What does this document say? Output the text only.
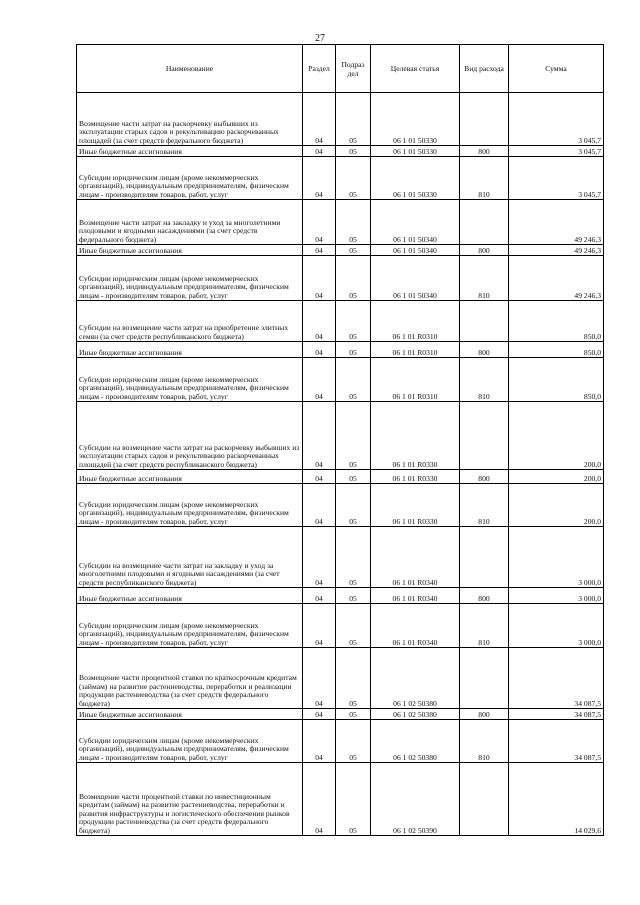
27
Наименование	Раздел	Подраз дел	Целевая статья	Вид расхода	Сумма
Возмещение части затрат на раскорчевку выбывших из эксплуатации старых садов и рекультивацию раскорчеванных площадей (за счет средств федерального бюджета)	04	05	06 1 01 50330		3 045,7
Иные бюджетные ассигнования	04	05	06 1 01 50330	800	3 045,7
Субсидии юридическим лицам (кроме некоммерческих организаций), индивидуальным предпринимателям, физическим лицам - производителям товаров, работ, услуг	04	05	06 1 01 50330	810	3 045,7
Возмещение части затрат на закладку и уход за многолетними плодовыми и ягодными насаждениями (за счет средств федерального бюджета)	04	05	06 1 01 50340		49 246,3
Иные бюджетные ассигнования	04	05	06 1 01 50340	800	49 246,3
Субсидии юридическим лицам (кроме некоммерческих организаций), индивидуальным предпринимателям, физическим лицам - производителям товаров, работ, услуг	04	05	06 1 01 50340	810	49 246,3
Субсидии на возмещение части затрат на приобретение элитных семян (за счет средств республиканского бюджета)	04	05	06 1 01 R0310		850,0
Иные бюджетные ассигнования	04	05	06 1 01 R0310	800	850,0
Субсидии юридическим лицам (кроме некоммерческих организаций), индивидуальным предпринимателям, физическим лицам - производителям товаров, работ, услуг	04	05	06 1 01 R0310	810	850,0
Субсидии на возмещение части затрат на раскорчевку выбывших из эксплуатации старых садов и рекультивацию раскорчеванных площадей (за счет средств республиканского бюджета)	04	05	06 1 01 R0330		200,0
Иные бюджетные ассигнования	04	05	06 1 01 R0330	800	200,0
Субсидии юридическим лицам (кроме некоммерческих организаций), индивидуальным предпринимателям, физическим лицам - производителям товаров, работ, услуг	04	05	06 1 01 R0330	810	200,0
Субсидии на возмещение части затрат на закладку и уход за многолетними плодовыми и ягодными насаждениями (за счет средств республиканского бюджета)	04	05	06 1 01 R0340		3 000,0
Иные бюджетные ассигнования	04	05	06 1 01 R0340	800	3 000,0
Субсидии юридическим лицам (кроме некоммерческих организаций), индивидуальным предпринимателям, физическим лицам - производителям товаров, работ, услуг	04	05	06 1 01 R0340	810	3 000,0
Возмещение части процентной ставки по краткосрочным кредитам (займам) на развитие растениеводства, переработки и реализации продукции растениеводства (за счет средств федерального бюджета)	04	05	06 1 02 50380		34 087,5
Иные бюджетные ассигнования	04	05	06 1 02 50380	800	34 087,5
Субсидии юридическим лицам (кроме некоммерческих организаций), индивидуальным предпринимателям, физическим лицам - производителям товаров, работ, услуг	04	05	06 1 02 50380	810	34 087,5
Возмещение части процентной ставки по инвестиционным кредитам (займам) на развитие растениеводства, переработки и развития инфраструктуры и логистического обеспечения рынков продукции растениеводства (за счет средств федерального бюджета)	04	05	06 1 02 50390		14 029,6
